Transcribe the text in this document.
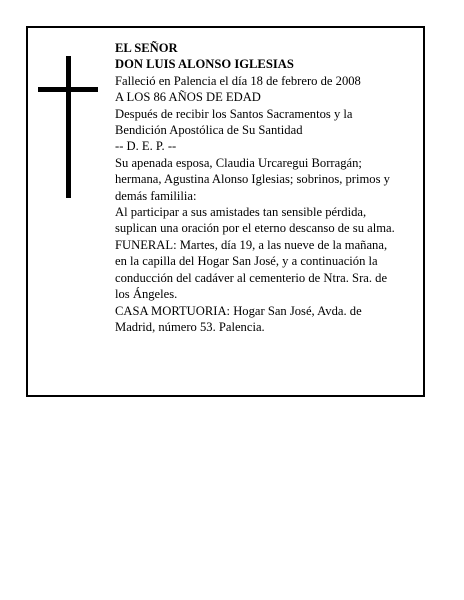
EL SEÑOR
DON LUIS ALONSO IGLESIAS
Falleció en Palencia el día 18 de febrero de 2008
A LOS 86 AÑOS DE EDAD
Después de recibir los Santos Sacramentos y la
Bendición Apostólica de Su Santidad
-- D. E. P. --
Su apenada esposa, Claudia Urcaregui Borragán;
hermana, Agustina Alonso Iglesias; sobrinos, primos y
demás famililia:
Al participar a sus amistades tan sensible pérdida,
suplican una oración por el eterno descanso de su alma.
FUNERAL: Martes, día 19, a las nueve de la mañana,
en la capilla del Hogar San José, y a continuación la
conducción del cadáver al cementerio de Ntra. Sra. de
los Ángeles.
CASA MORTUORIA: Hogar San José, Avda. de
Madrid, número 53. Palencia.
